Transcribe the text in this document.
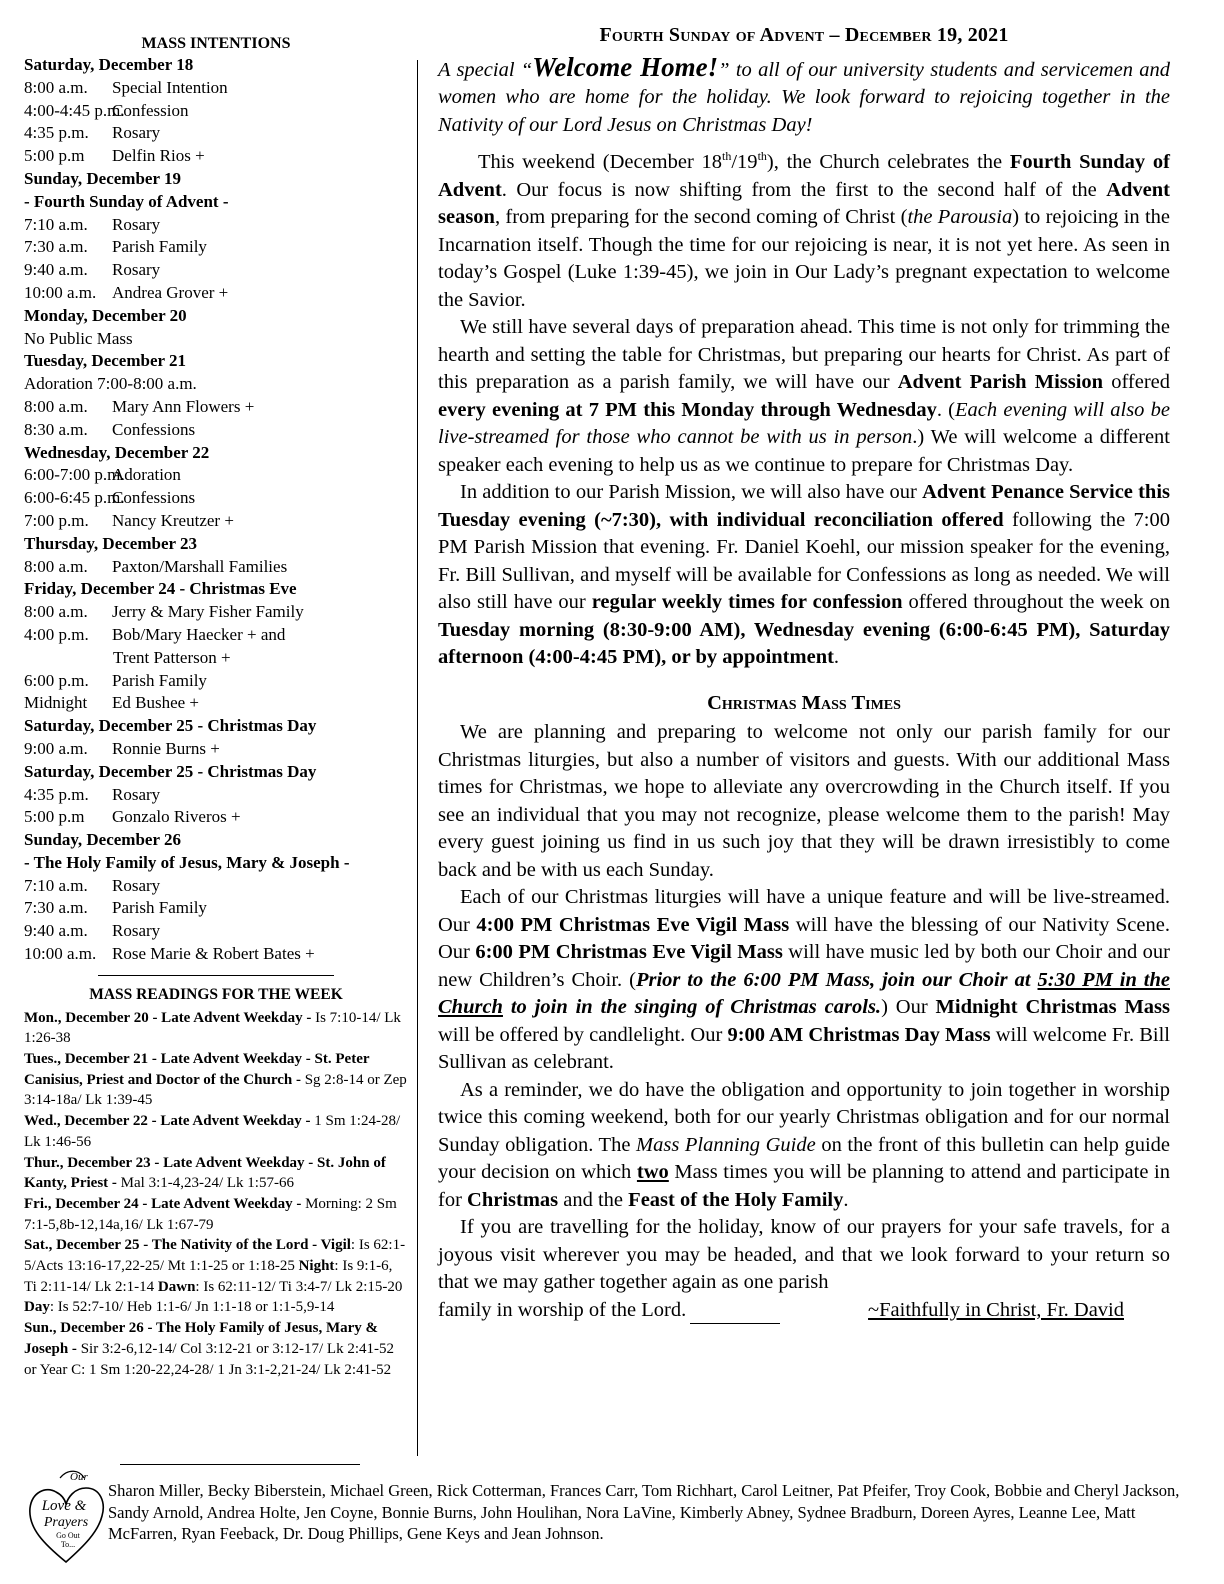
MASS INTENTIONS
Saturday, December 18
8:00 a.m. Special Intention
4:00-4:45 p.m.Confession
4:35 p.m. Rosary
5:00 p.m Delfin Rios +
Sunday, December 19
- Fourth Sunday of Advent -
7:10 a.m. Rosary
7:30 a.m. Parish Family
9:40 a.m. Rosary
10:00 a.m. Andrea Grover +
Monday, December 20
No Public Mass
Tuesday, December 21
Adoration 7:00-8:00 a.m.
8:00 a.m. Mary Ann Flowers +
8:30 a.m. Confessions
Wednesday, December 22
6:00-7:00 p.m.Adoration
6:00-6:45 p.m.Confessions
7:00 p.m. Nancy Kreutzer +
Thursday, December 23
8:00 a.m. Paxton/Marshall Families
Friday, December 24 - Christmas Eve
8:00 a.m. Jerry & Mary Fisher Family
4:00 p.m. Bob/Mary Haecker + and
Trent Patterson +
6:00 p.m. Parish Family
Midnight Ed Bushee +
Saturday, December 25 - Christmas Day
9:00 a.m. Ronnie Burns +
Saturday, December 25 - Christmas Day
4:35 p.m. Rosary
5:00 p.m Gonzalo Riveros +
Sunday, December 26
- The Holy Family of Jesus, Mary & Joseph -
7:10 a.m. Rosary
7:30 a.m. Parish Family
9:40 a.m. Rosary
10:00 a.m. Rose Marie & Robert Bates +
MASS READINGS FOR THE WEEK
Mon., December 20 - Late Advent Weekday - Is 7:10-14/ Lk 1:26-38
Tues., December 21 - Late Advent Weekday - St. Peter Canisius, Priest and Doctor of the Church - Sg 2:8-14 or Zep 3:14-18a/ Lk 1:39-45
Wed., December 22 - Late Advent Weekday - 1 Sm 1:24-28/ Lk 1:46-56
Thur., December 23 - Late Advent Weekday - St. John of Kanty, Priest - Mal 3:1-4,23-24/ Lk 1:57-66
Fri., December 24 - Late Advent Weekday - Morning: 2 Sm 7:1-5,8b-12,14a,16/ Lk 1:67-79
Sat., December 25 - The Nativity of the Lord - Vigil: Is 62:1-5/Acts 13:16-17,22-25/ Mt 1:1-25 or 1:18-25 Night: Is 9:1-6, Ti 2:11-14/ Lk 2:1-14 Dawn: Is 62:11-12/ Ti 3:4-7/ Lk 2:15-20 Day: Is 52:7-10/ Heb 1:1-6/ Jn 1:1-18 or 1:1-5,9-14
Sun., December 26 - The Holy Family of Jesus, Mary & Joseph - Sir 3:2-6,12-14/ Col 3:12-21 or 3:12-17/ Lk 2:41-52 or Year C: 1 Sm 1:20-22,24-28/ 1 Jn 3:1-2,21-24/ Lk 2:41-52
Fourth Sunday of Advent – December 19, 2021
A special “Welcome Home!” to all of our university students and servicemen and women who are home for the holiday. We look forward to rejoicing together in the Nativity of our Lord Jesus on Christmas Day!

This weekend (December 18th/19th), the Church celebrates the Fourth Sunday of Advent. Our focus is now shifting from the first to the second half of the Advent season, from preparing for the second coming of Christ (the Parousia) to rejoicing in the Incarnation itself. Though the time for our rejoicing is near, it is not yet here. As seen in today’s Gospel (Luke 1:39-45), we join in Our Lady’s pregnant expectation to welcome the Savior.

We still have several days of preparation ahead. This time is not only for trimming the hearth and setting the table for Christmas, but preparing our hearts for Christ. As part of this preparation as a parish family, we will have our Advent Parish Mission offered every evening at 7 PM this Monday through Wednesday. (Each evening will also be live-streamed for those who cannot be with us in person.) We will welcome a different speaker each evening to help us as we continue to prepare for Christmas Day.

In addition to our Parish Mission, we will also have our Advent Penance Service this Tuesday evening (~7:30), with individual reconciliation offered following the 7:00 PM Parish Mission that evening. Fr. Daniel Koehl, our mission speaker for the evening, Fr. Bill Sullivan, and myself will be available for Confessions as long as needed. We will also still have our regular weekly times for confession offered throughout the week on Tuesday morning (8:30-9:00 AM), Wednesday evening (6:00-6:45 PM), Saturday afternoon (4:00-4:45 PM), or by appointment.

Christmas Mass Times

We are planning and preparing to welcome not only our parish family for our Christmas liturgies, but also a number of visitors and guests. With our additional Mass times for Christmas, we hope to alleviate any overcrowding in the Church itself. If you see an individual that you may not recognize, please welcome them to the parish! May every guest joining us find in us such joy that they will be drawn irresistibly to come back and be with us each Sunday.

Each of our Christmas liturgies will have a unique feature and will be live-streamed. Our 4:00 PM Christmas Eve Vigil Mass will have the blessing of our Nativity Scene. Our 6:00 PM Christmas Eve Vigil Mass will have music led by both our Choir and our new Children’s Choir. (Prior to the 6:00 PM Mass, join our Choir at 5:30 PM in the Church to join in the singing of Christmas carols.) Our Midnight Christmas Mass will be offered by candlelight. Our 9:00 AM Christmas Day Mass will welcome Fr. Bill Sullivan as celebrant.

As a reminder, we do have the obligation and opportunity to join together in worship twice this coming weekend, both for our yearly Christmas obligation and for our normal Sunday obligation. The Mass Planning Guide on the front of this bulletin can help guide your decision on which two Mass times you will be planning to attend and participate in for Christmas and the Feast of the Holy Family.

If you are travelling for the holiday, know of our prayers for your safe travels, for a joyous visit wherever you may be headed, and that we look forward to your return so that we may gather together again as one parish

family in worship of the Lord.	~Faithfully in Christ, Fr. David
Our
Love &
Prayers
Go Out
To...
Sharon Miller, Becky Biberstein, Michael Green, Rick Cotterman, Frances Carr, Tom Richhart, Carol Leitner, Pat Pfeifer, Troy Cook, Bobbie and Cheryl Jackson, Sandy Arnold, Andrea Holte, Jen Coyne, Bonnie Burns, John Houlihan, Nora LaVine, Kimberly Abney, Sydnee Bradburn, Doreen Ayres, Leanne Lee, Matt McFarren, Ryan Feeback, Dr. Doug Phillips, Gene Keys and Jean Johnson.
